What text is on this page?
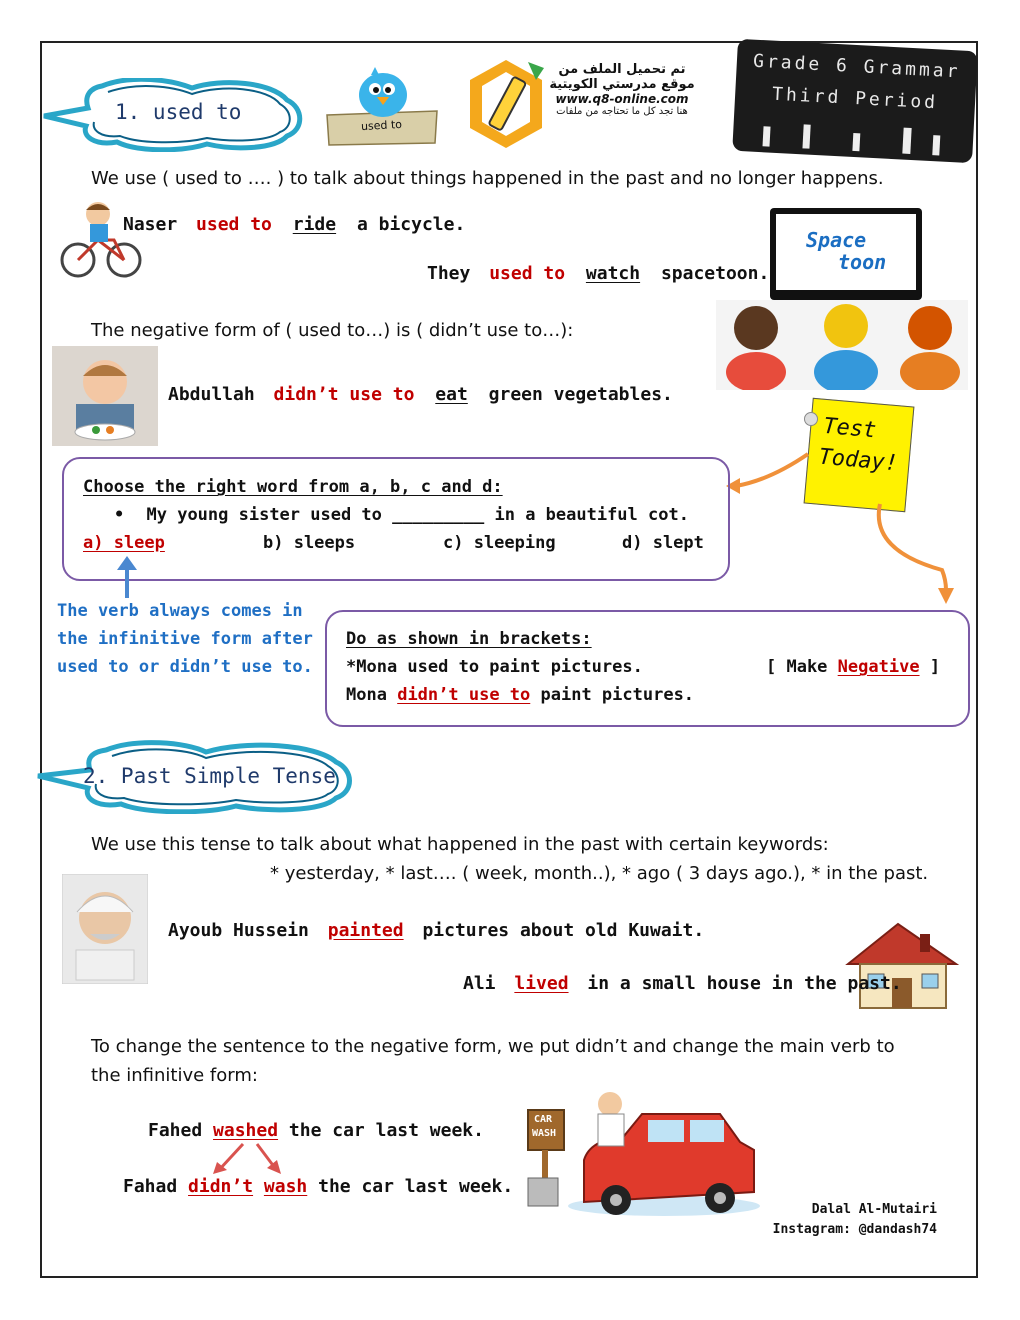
1. used to
used to
تم تحميل الملف من
موقع مدرستي الكويتية
www.q8-online.com
هنا تجد كل ما تحتاجه من ملفات
Grade 6 Grammar
Third Period
We use ( used to …. ) to talk about things happened in the past and no longer happens.
Naser used to ride a bicycle.
Space
toon
They used to watch spacetoon.
The negative form of ( used to…) is ( didn’t use to…):
Abdullah didn’t use to eat green vegetables.
Test
Today!
Choose the right word from a, b, c and d:
• My young sister used to _________ in a beautiful cot.
a) sleep	b) sleeps	c) sleeping	d) slept
The verb always comes in
the infinitive form after
used to or didn’t use to.
Do as shown in brackets:
*Mona used to paint pictures.	[ Make Negative ]
Mona didn’t use to paint pictures.
2. Past Simple Tense
We use this tense to talk about what happened in the past with certain keywords:
* yesterday, * last…. ( week, month..), * ago ( 3 days ago.), * in the past.
Ayoub Hussein painted pictures about old Kuwait.
Ali lived in a small house in the past.
To change the sentence to the negative form, we put didn’t and change the main verb to
the infinitive form:
Fahed washed the car last week.
Fahad didn’t wash the car last week.
CAR
WASH
Dalal Al-Mutairi
Instagram: @dandash74
